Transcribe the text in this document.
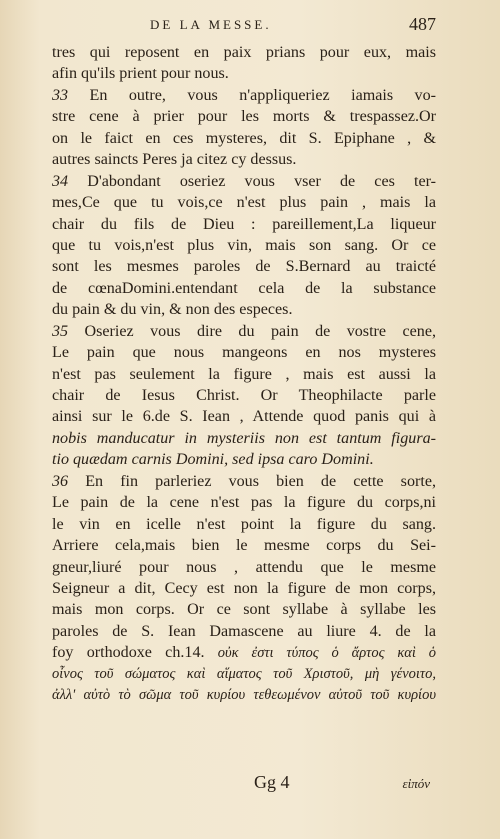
DE LA MESSE.	487
tres qui reposent en paix prians pour eux, mais
afin qu'ils prient pour nous.
33 En outre, vous n'appliqueriez iamais vo-
stre cene à prier pour les morts & trespassez.Or
on le faict en ces mysteres, dit S. Epiphane , &
autres saincts Peres ja citez cy dessus.
34 D'abondant oseriez vous vser de ces ter-
mes,Ce que tu vois,ce n'est plus pain , mais la
chair du fils de Dieu : pareillement,La liqueur
que tu vois,n'est plus vin, mais son sang. Or ce
sont les mesmes paroles de S.Bernard au traicté
de cœnaDomini.entendant cela de la substance
du pain & du vin, & non des especes.
35 Oseriez vous dire du pain de vostre cene,
Le pain que nous mangeons en nos mysteres
n'est pas seulement la figure , mais est aussi la
chair de Iesus Christ. Or Theophilacte parle
ainsi sur le 6.de S. Iean , Attende quod panis qui à
nobis manducatur in mysteriis non est tantum figura-
tio quædam carnis Domini, sed ipsa caro Domini.
36 En fin parleriez vous bien de cette sorte,
Le pain de la cene n'est pas la figure du corps,ni
le vin en icelle n'est point la figure du sang.
Arriere cela,mais bien le mesme corps du Sei-
gneur,liuré pour nous , attendu que le mesme
Seigneur a dit, Cecy est non la figure de mon corps,
mais mon corps. Or ce sont syllabe à syllabe les
paroles de S. Iean Damascene au liure 4. de la
foy orthodoxe ch.14. οὐκ ἐστι τύπος ὁ ἄρτος καὶ ὁ
οἶνος τοῦ σώματος καὶ αἵματος τοῦ Χριστοῦ, μὴ γένοιτο,
ἀλλ' αὐτὸ τὸ σῶμα τοῦ κυρίου τεθεωμένον αὐτοῦ τοῦ κυρίου
Gg 4	εἰπόν
